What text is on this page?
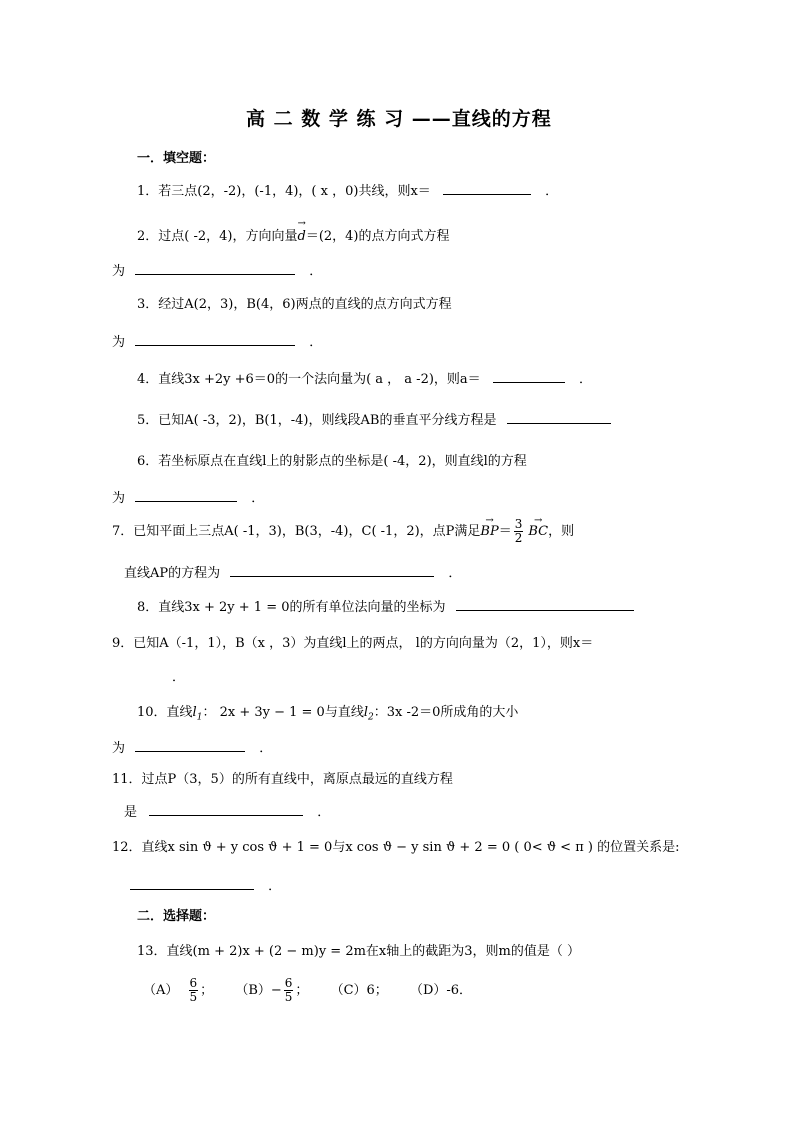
高 二 数 学 练 习 ——直线的方程
一．填空题：
1．若三点(2，-2)，(-1，4)，( x ，0)共线，则x＝	．
2．过点( -2，4)，方向向量→ d＝(2，4)的点方向式方程
为	．
3．经过A(2，3)，B(4，6)两点的直线的点方向式方程
为	．
4．直线3x +2y +6＝0的一个法向量为( a ， a -2)，则a＝	．
5．已知A( -3，2)，B(1，-4)，则线段AB的垂直平分线方程是
6．若坐标原点在直线l上的射影点的坐标是( -4，2)，则直线l的方程
为	．
7．已知平面上三点A( -1，3)，B(3，-4)，C( -1，2)，点P满足→ $BP= \frac{3}{2}$
→ BC，则
直线AP的方程为	．
8．直线3x + 2y + 1 = 0的所有单位法向量的坐标为
9．已知A（-1，1），B（x ，3）为直线l上的两点， l的方向向量为（2，1），则x＝
．
10．直线$l_1$： 2x + 3y − 1 = 0与直线$l_2$：3x -2＝0所成角的大小
为	．
11．过点P（3，5）的所有直线中，离原点最远的直线方程
是	．
12．直线x sin ϑ + y cos ϑ + 1 = 0与x cos ϑ − y sin ϑ + 2 = 0 ( 0< ϑ < π ) 的位置关系是:
．
二．选择题：
13．直线(m + 2)x + (2 − m)y = 2m在x轴上的截距为3，则m的值是（ ）
$(A) \frac{6}{5}$ ； $(B)- \frac{6}{5}$ ； （C）6； （D）-6．
